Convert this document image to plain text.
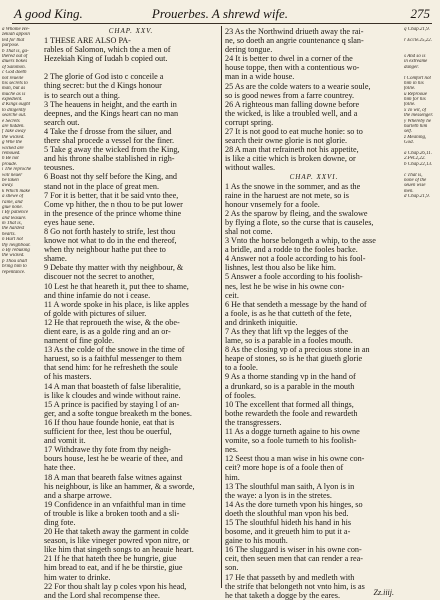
A good King.	Prouerbes. A shrewd wife.	275
a Whome He-
zekiah appoin
ted for that
purpose.
b That is, ga-
thered out of
diuers bokes
of Salomon.
c God doeth
not reueile
his secrets to
man, but as
muche as is
expedient.
d Kings ought
to diligently
searche out.
e Secrets
are hidden.
f Take away
the wicked.
g Whe the
wicked are
remoued.
h Be not
proude.
i The reproche
will neuer
be taken
away.
k Which make
a shewe of
raine, and
giue none.
l By patience
and leasure.
m That is,
the hardest
hearts.
n Hurt not
thy neighbour.
o By rebuking
the wicked.
p Thou shalt
bring him to
repentance.
CHAP. XXV.
1 THESE ARE ALSO PA-
rables of Salomon, which the a men of
Hezekiah King of Iudah b copied out.

2 The glorie of God isto c conceile a
thing secret: but the d Kings honour
is to search out a thing.
3 The heauens in height, and the earth in
deepnes, and the Kings heart can no man
search out.
4 Take the f drosse from the siluer, and
there shal procede a vessel for the finer.
5 Take g away the wicked from the King,
and his throne shalbe stablished in righ-
teousnes.
6 Boast not thy self before the King, and
stand not in the place of great men.
7 For it is better, that it be said vnto thee,
Come vp hither, the n thou to be put lower
in the presence of the prince whome thine
eyes haue sene.
8 Go not forth hastely to strife, lest thou
knowe not what to do in the end thereof,
when thy neighbour hathe put thee to
shame.
9 Debate thy matter with thy neighbour, &
discouer not the secret to another,
10 Lest he that heareth it, put thee to shame,
and thine infamie do not i cease.
11 A worde spoke in his place, is like apples
of golde with pictures of siluer.
12 He that reproueth the wise, & the obe-
dient eare, is as a golde ring and an or-
nament of fine golde.
13 As the colde of the snowe in the time of
haruest, so is a faithful messenger to them
that send him: for he refresheth the soule
of his masters.
14 A man that boasteth of false liberalitie,
is like k cloudes and winde without raine.
15 A prince is pacified by staying l of an-
ger, and a softe tongue breaketh m the bones.
16 If thou haue founde honie, eat that is
sufficient for thee, lest thou be ouerful,
and vomit it.
17 Withdrawe thy fote from thy neigh-
bours house, lest he be wearie of thee, and
hate thee.
18 A man that beareth false witnes against
his neighbour, is like an hammer, & a sworde,
and a sharpe arrowe.
19 Confidence in an vnfaithful man in time
of trouble is like a broken tooth and a sli-
ding fote.
20 He that taketh away the garment in colde
season, is like vineger powred vpon nitre, or
like him that singeth songs to an heauie heart.
21 If he that hateth thee be hungrie, giue
him bread to eat, and if he be thirstie, giue
him water to drinke.
22 For thou shalt lay p coles vpon his head,
and the Lord shal recompense thee.
23 As the Northwind driueth away the rai-
ne, so doeth an angrie countenance q slan-
dering tongue.
24 It is better to dwel in a corner of the
house toppe, then with a contentious wo-
man in a wide house.
25 As are the colde waters to a wearie soule,
so is good newes from a farre countrey.
26 A righteous man falling downe before
the wicked, is like a troubled well, and a
corrupt spring.
27 It is not good to eat muche honie: so to
search their owne glorie is not glorie.
28 A man that refraineth not his appetite,
is like a citie which is broken downe, or
without walles.
CHAP. XXVI.
1 As the snowe in the sommer, and as the
raine in the haruest are not mete, so is
honour vnsemely for a foole.
2 As the sparow by fleing, and the swalowe
by flying a flote, so the curse that is causeles,
shal not come.
3 Vnto the horse belongeth a whip, to the asse
a bridle, and a rodde to the fooles backe.
4 Answer not a foole according to his fool-
lishnes, lest thou also be like him.
5 Answer a foole according to his foolish-
nes, lest he be wise in his owne con-
ceit.
6 He that sendeth a message by the hand of
a foole, is as he that cutteth of the fete,
and drinketh iniquitie.
7 As they that lift vp the legges of the
lame, so is a parable in a fooles mouth.
8 As the closing vp of a precious stone in an
heape of stones, so is he that giueth glorie
to a foole.
9 As a thorne standing vp in the hand of
a drunkard, so is a parable in the mouth
of fooles.
10 The excellent that formed all things,
bothe rewardeth the foole and rewardeth
the transgressers.
11 As a dogge turneth againe to his owne
vomite, so a foole turneth to his foolish-
nes.
12 Seest thou a man wise in his owne con-
ceit? more hope is of a foole then of
him.
13 The slouthful man saith, A lyon is in
the waye: a lyon is in the stretes.
14 As the dore turneth vpon his hinges, so
doeth the slouthful man vpon his bed.
15 The slouthful hideth his hand in his
bosome, and it greueth him to put it a-
gaine to his mouth.
16 The sluggard is wiser in his owne con-
ceit, then seuen men that can render a rea-
son.
17 He that passeth by and medleth with
the strife that belongeth not vnto him, is as
he that taketh a dogge by the eares.
q Chap.21,9.

r Eccle.25,22.

s And so is
in extreame
danger.

t Comfort not
him in his
follie.
u Reprooue
him for his
follie.
x To wit, of
the messenger.
y Whereby he
hurteth him
self.
z Meaning,
God.

a Chap.26,11.
2.Pet.2,22.
b Chap.22,13.

c That is,
none of the
seuen wise
men.
d Chap.21,9.
Zz.iiij.
